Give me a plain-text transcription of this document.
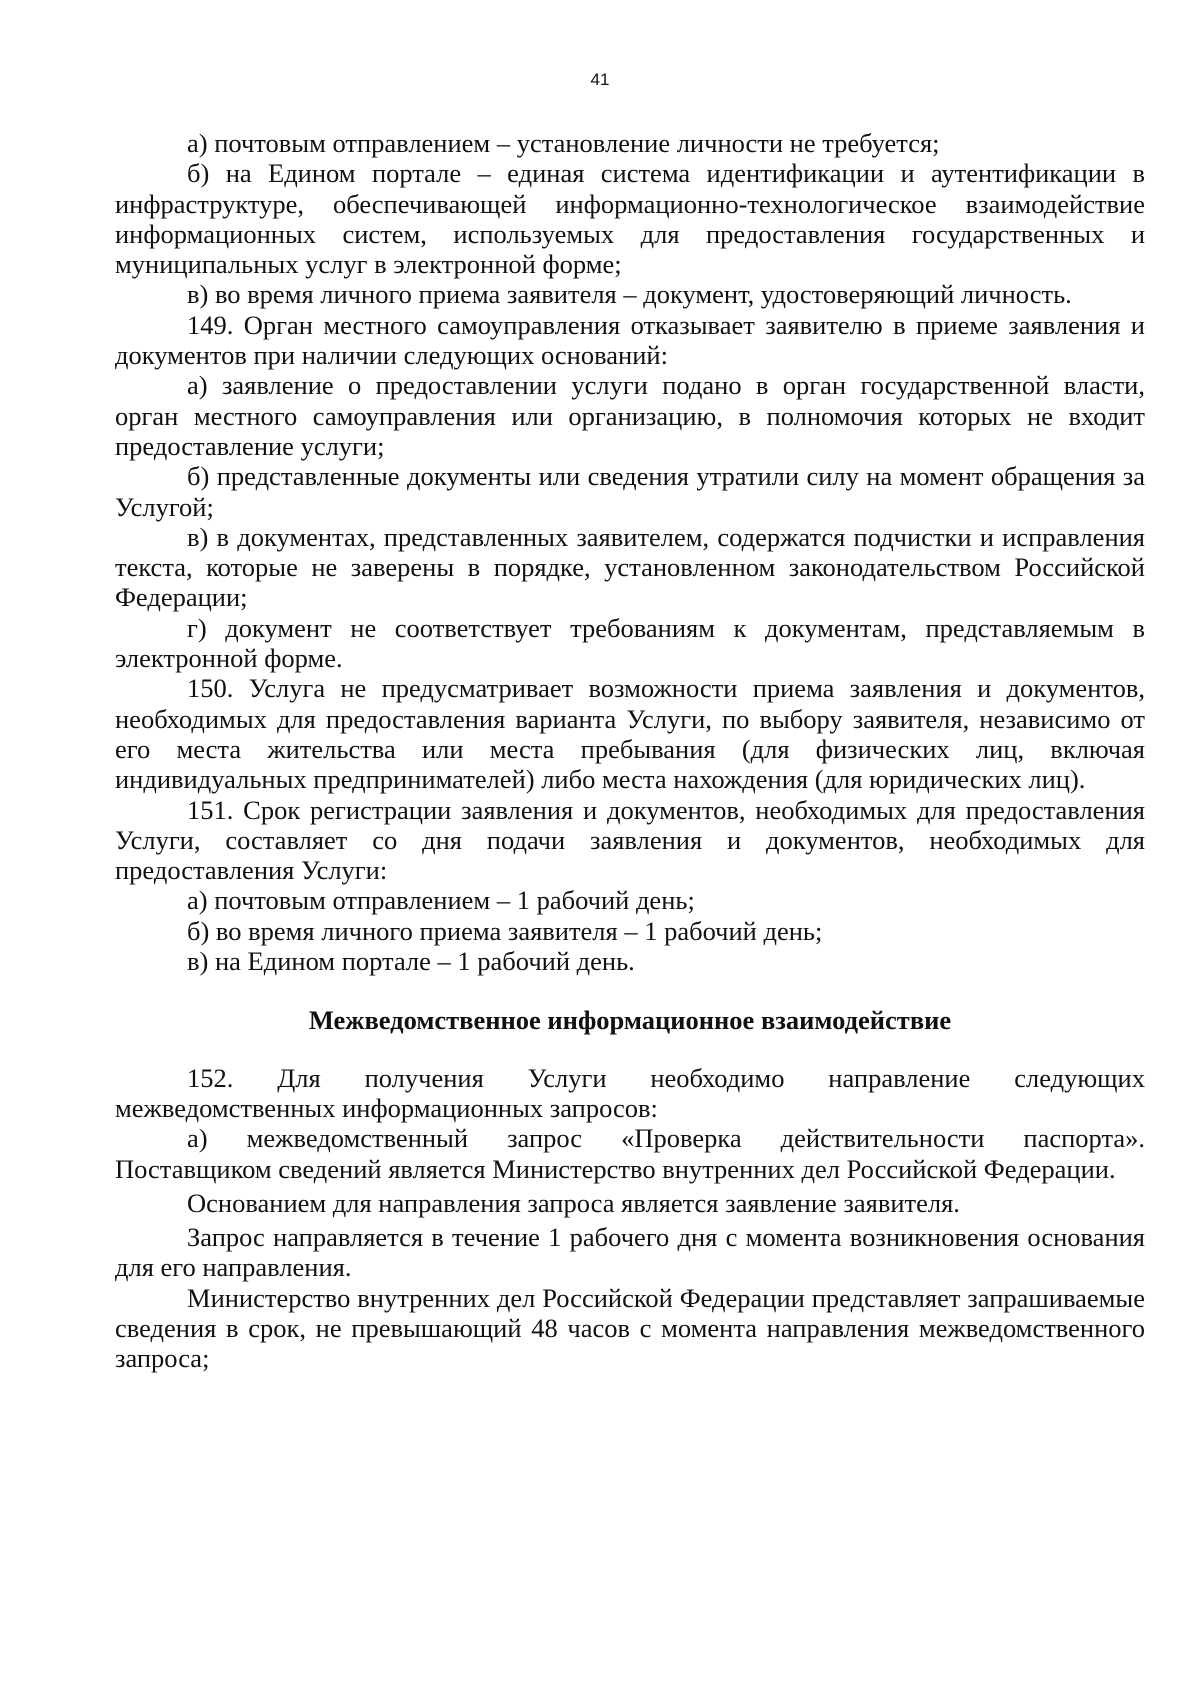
41

а) почтовым отправлением – установление личности не требуется;

б) на Едином портале – единая система идентификации и аутентификации в инфраструктуре, обеспечивающей информационно-технологическое взаимодействие информационных систем, используемых для предоставления государственных и муниципальных услуг в электронной форме;

в) во время личного приема заявителя – документ, удостоверяющий личность.

149. Орган местного самоуправления отказывает заявителю в приеме заявления и документов при наличии следующих оснований:

а) заявление о предоставлении услуги подано в орган государственной власти, орган местного самоуправления или организацию, в полномочия которых не входит предоставление услуги;

б) представленные документы или сведения утратили силу на момент обращения за Услугой;

в) в документах, представленных заявителем, содержатся подчистки и исправления текста, которые не заверены в порядке, установленном законодательством Российской Федерации;

г) документ не соответствует требованиям к документам, представляемым в электронной форме.

150. Услуга не предусматривает возможности приема заявления и документов, необходимых для предоставления варианта Услуги, по выбору заявителя, независимо от его места жительства или места пребывания (для физических лиц, включая индивидуальных предпринимателей) либо места нахождения (для юридических лиц).

151. Срок регистрации заявления и документов, необходимых для предоставления Услуги, составляет со дня подачи заявления и документов, необходимых для предоставления Услуги:

а) почтовым отправлением – 1 рабочий день;

б) во время личного приема заявителя – 1 рабочий день;

в) на Едином портале – 1 рабочий день.

Межведомственное информационное взаимодействие

152. Для получения Услуги необходимо направление следующих межведомственных информационных запросов:

а) межведомственный запрос «Проверка действительности паспорта». Поставщиком сведений является Министерство внутренних дел Российской Федерации.

Основанием для направления запроса является заявление заявителя.

Запрос направляется в течение 1 рабочего дня с момента возникновения основания для его направления.

Министерство внутренних дел Российской Федерации представляет запрашиваемые сведения в срок, не превышающий 48 часов с момента направления межведомственного запроса;
